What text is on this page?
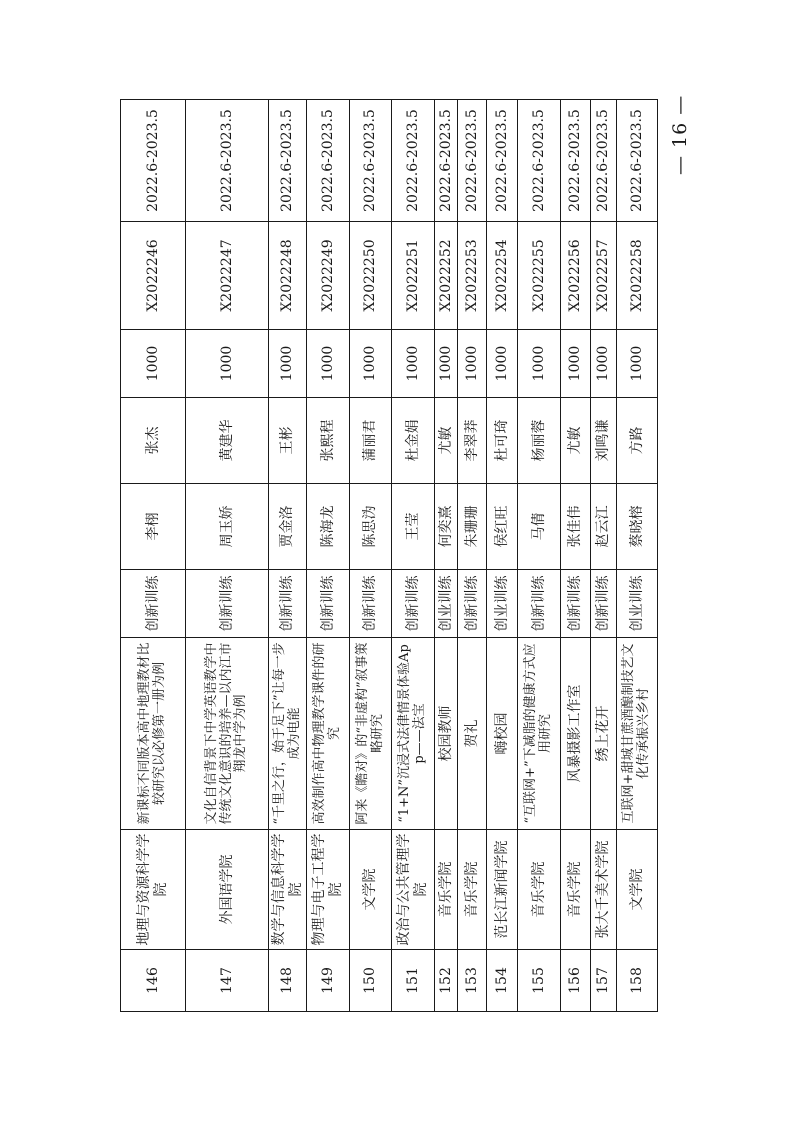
— 16 —
146	地理与资源科学学院	新课标不同版本高中地理教材比较研究以必修第一册为例	创新训练	李栩	张杰	1000	X2022246	2022.6-2023.5
147	外国语学院	文化自信背景下中学英语教学中传统文化意识的培养—以内江市翔龙中学为例	创新训练	周玉娇	黄建华	1000	X2022247	2022.6-2023.5
148	数学与信息科学学院	“千里之行，始于足下”让每一步成为电能	创新训练	贾金洛	王彬	1000	X2022248	2022.6-2023.5
149	物理与电子工程学院	高效制作高中物理教学课件的研究	创新训练	陈海龙	张熙程	1000	X2022249	2022.6-2023.5
150	文学院	阿来《瞻对》的“非虚构”叙事策略研究	创新训练	陈思沩	蒲丽君	1000	X2022250	2022.6-2023.5
151	政治与公共管理学院	“1+N”沉浸式法律情景体验App——法宝	创新训练	王莹	杜金娟	1000	X2022251	2022.6-2023.5
152	音乐学院	校园教师	创业训练	何奕熹	尤敏	1000	X2022252	2022.6-2023.5
153	音乐学院	贺礼	创新训练	朱珊珊	李翠莽	1000	X2022253	2022.6-2023.5
154	范长江新闻学院	嗨校园	创业训练	侯红旺	杜可琦	1000	X2022254	2022.6-2023.5
155	音乐学院	“互联网+”下减脂的健康方式应用研究	创新训练	马倩	杨丽蓉	1000	X2022255	2022.6-2023.5
156	音乐学院	风暴摄影工作室	创新训练	张佳伟	尤敏	1000	X2022256	2022.6-2023.5
157	张大千美术学院	绣上花开	创新训练	赵云江	刘鸣谦	1000	X2022257	2022.6-2023.5
158	文学院	互联网+甜城甘蔗酒酿制技艺文化传承振兴乡村	创业训练	蔡晓榕	方路	1000	X2022258	2022.6-2023.5
